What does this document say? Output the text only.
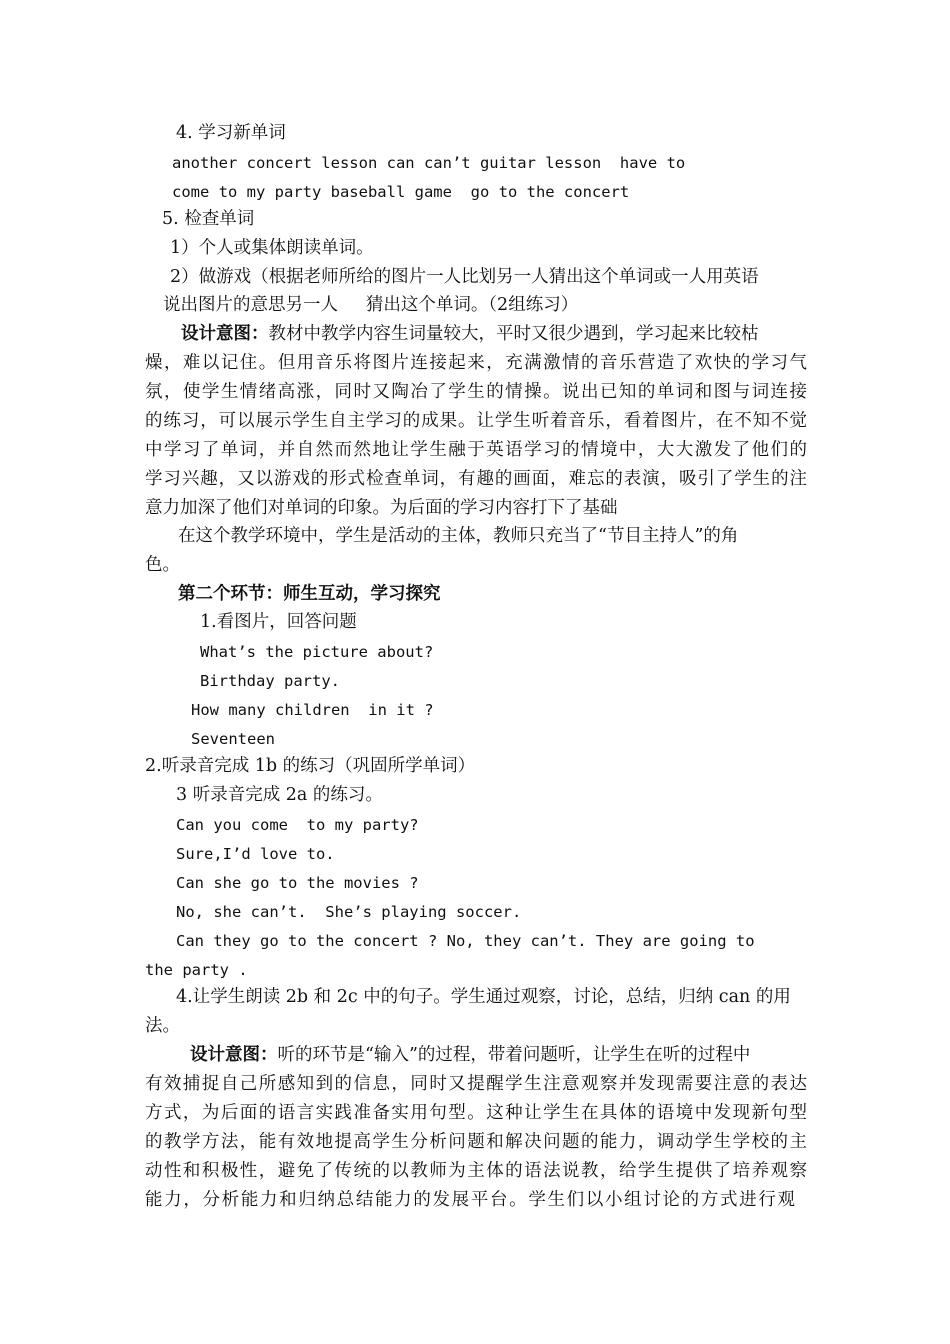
4. 学习新单词
another concert lesson can can’t guitar lesson  have to
come to my party baseball game  go to the concert
5. 检查单词
1）个人或集体朗读单词。
2）做游戏（根据老师所给的图片一人比划另一人猜出这个单词或一人用英语
说出图片的意思另一人     猜出这个单词。（2组练习）
设计意图：教材中教学内容生词量较大，平时又很少遇到，学习起来比较枯
燥，难以记住。但用音乐将图片连接起来，充满激情的音乐营造了欢快的学习气
氛，使学生情绪高涨，同时又陶冶了学生的情操。说出已知的单词和图与词连接
的练习，可以展示学生自主学习的成果。让学生听着音乐，看着图片，在不知不觉
中学习了单词，并自然而然地让学生融于英语学习的情境中，大大激发了他们的
学习兴趣，又以游戏的形式检查单词，有趣的画面，难忘的表演，吸引了学生的注
意力加深了他们对单词的印象。为后面的学习内容打下了基础
在这个教学环境中，学生是活动的主体，教师只充当了“节目主持人”的角
色。
第二个环节：师生互动，学习探究
1.看图片，回答问题
What’s the picture about?
Birthday party.
How many children  in it ?
Seventeen
2.听录音完成 1b 的练习（巩固所学单词）
3 听录音完成 2a 的练习。
Can you come  to my party?
Sure,I’d love to.
Can she go to the movies ?
No, she can’t.  She’s playing soccer.
Can they go to the concert ? No, they can’t. They are going to
the party .
4.让学生朗读 2b 和 2c 中的句子。学生通过观察，讨论，总结，归纳 can 的用
法。
设计意图：听的环节是“输入”的过程，带着问题听，让学生在听的过程中
有效捕捉自己所感知到的信息，同时又提醒学生注意观察并发现需要注意的表达
方式，为后面的语言实践准备实用句型。这种让学生在具体的语境中发现新句型
的教学方法，能有效地提高学生分析问题和解决问题的能力，调动学生学校的主
动性和积极性，避免了传统的以教师为主体的语法说教，给学生提供了培养观察
能力，分析能力和归纳总结能力的发展平台。学生们以小组讨论的方式进行观
